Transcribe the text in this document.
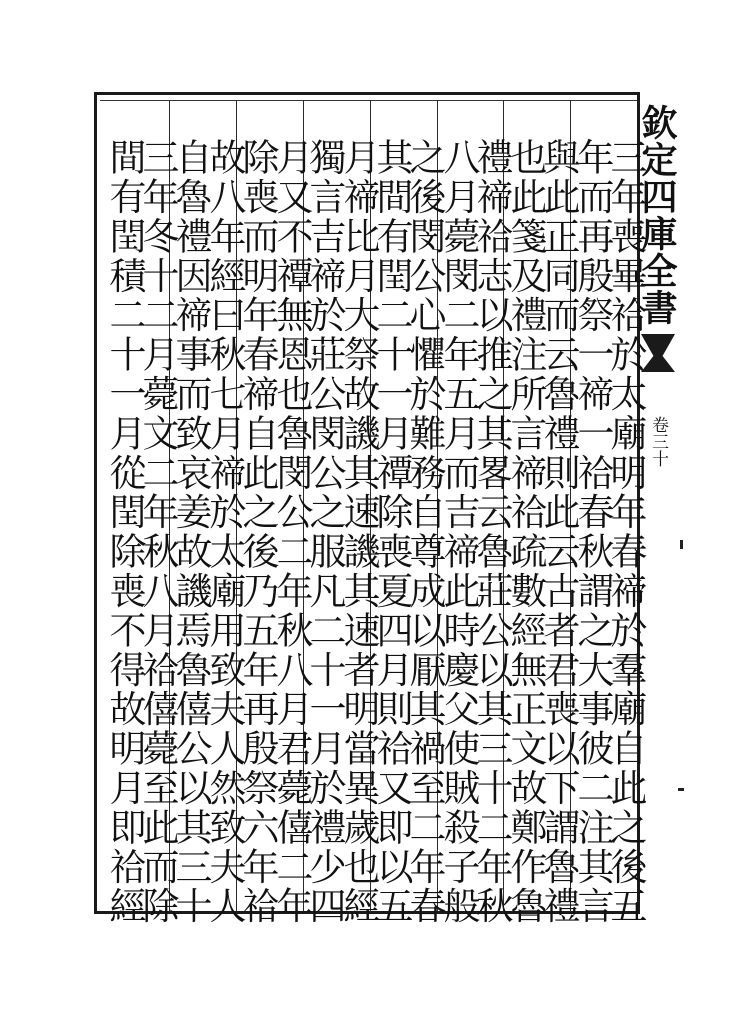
欽定四庫全書
卷三十
三年喪畢祫於太廟明年春禘於羣廟自此之後五
年而再殷祭一禘一祫春秋謂之大事彼二注其言
與此正同而云魯禮則此云古者君喪以下謂魯禮
也此箋及禮注所言禘祫疏數經無正文故鄭作魯
禮禘祫志以推之其畧云魯莊公以其三十二年秋
八月薨閔二年五月而吉禘此時慶父使賊殺子般
之後閔公心懼於難務自尊成以厭其禍至二年春
其間有閏二十一月禫除喪夏四月則祫又即以五
月禘比月大祭故譏其速譏其速者明當異歲也經
獨言吉禘於莊公閔公之服凡二十一月於禮少四
月又不禫無恩也魯閔公二年秋八月君薨僖二年
除喪而明年春禘自此之後乃五年再殷祭六年祫
故八年經曰秋七月禘於太廟用致夫人然致夫人
自魯禮因禘事而致哀姜故譏焉魯僖公以其三十
三年冬十二月薨文二年秋八月祫僖薨至此而除
間有閏積二十一月從閏除喪不得故明月即祫經
